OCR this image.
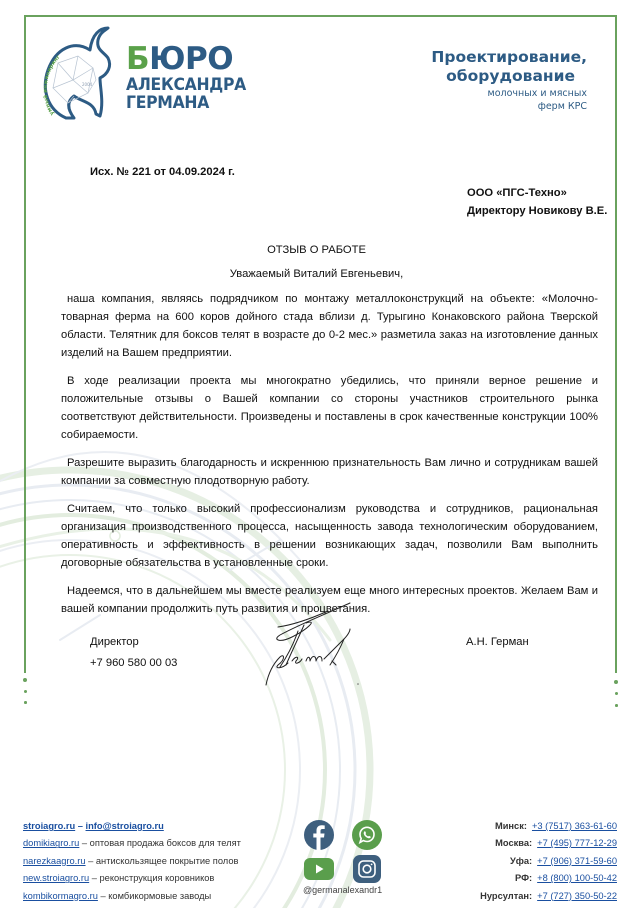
2004
умный инжиниринг БЮРО
АЛЕКСАНДРА
ГЕРМАНА
Проектирование,
оборудование
молочных и мясных
ферм КРС
Исх. № 221 от 04.09.2024 г.
ООО «ПГС-Техно»
Директору Новикову В.Е.
ОТЗЫВ О РАБОТЕ
Уважаемый Виталий Евгеньевич,

наша компания, являясь подрядчиком по монтажу металлоконструкций на объекте: «Молочно-товарная ферма на 600 коров дойного стада вблизи д. Турыгино Конаковского района Тверской области. Телятник для боксов телят в возрасте до 0-2 мес.» разметила заказ на изготовление данных изделий на Вашем предприятии.

В ходе реализации проекта мы многократно убедились, что приняли верное решение и положительные отзывы о Вашей компании со стороны участников строительного рынка соответствуют действительности. Произведены и поставлены в срок качественные конструкции 100% собираемости.

Разрешите выразить благодарность и искреннюю признательность Вам лично и сотрудникам вашей компании за совместную плодотворную работу.

Считаем, что только высокий профессионализм руководства и сотрудников, рациональная организация производственного процесса, насыщенность завода технологическим оборудованием, оперативность и эффективность в решении возникающих задач, позволили Вам выполнить договорные обязательства в установленные сроки.

Надеемся, что в дальнейшем мы вместе реализуем еще много интересных проектов. Желаем Вам и вашей компании продолжить путь развития и процветания.

Директор
+7 960 580 00 03
А.Н. Герман
stroiagro.ru – info@stroiagro.ru
domikiagro.ru – оптовая продажа боксов для телят
narezkaagro.ru – антискользящее покрытие полов
new.stroiagro.ru – реконструкция коровников
kombikormagro.ru – комбикормовые заводы
@germanalexandr1
Минск: +3 (7517) 363-61-60
Москва: +7 (495) 777-12-29
Уфа: +7 (906) 371-59-60
РФ: +8 (800) 100-50-42
Нурсултан: +7 (727) 350-50-22
